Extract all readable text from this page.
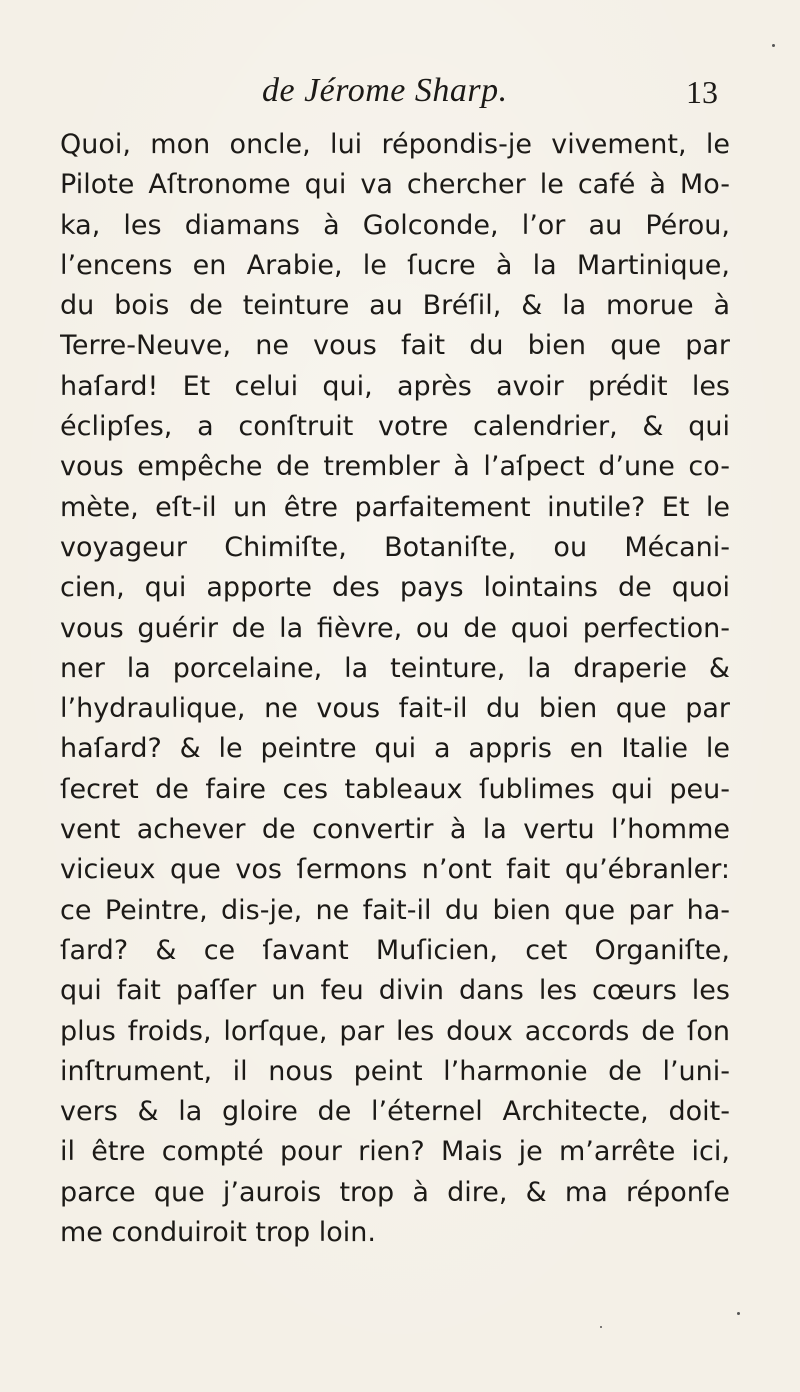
de Jérome Sharp.	13
Quoi, mon oncle, lui répondis-je vivement, le
Pilote Aſtronome qui va chercher le café à Mo-
ka, les diamans à Golconde, l’or au Pérou,
l’encens en Arabie, le ſucre à la Martinique,
du bois de teinture au Bréſil, & la morue à
Terre-Neuve, ne vous fait du bien que par
haſard! Et celui qui, après avoir prédit les
éclipſes, a conſtruit votre calendrier, & qui
vous empêche de trembler à l’aſpect d’une co-
mète, eſt-il un être parfaitement inutile? Et le
voyageur Chimiſte, Botaniſte, ou Mécani-
cien, qui apporte des pays lointains de quoi
vous guérir de la fièvre, ou de quoi perfection-
ner la porcelaine, la teinture, la draperie &
l’hydraulique, ne vous fait-il du bien que par
haſard? & le peintre qui a appris en Italie le
ſecret de faire ces tableaux ſublimes qui peu-
vent achever de convertir à la vertu l’homme
vicieux que vos ſermons n’ont fait qu’ébranler:
ce Peintre, dis-je, ne fait-il du bien que par ha-
ſard? & ce ſavant Muſicien, cet Organiſte,
qui fait paſſer un feu divin dans les cœurs les
plus froids, lorſque, par les doux accords de ſon
inſtrument, il nous peint l’harmonie de l’uni-
vers & la gloire de l’éternel Architecte, doit-
il être compté pour rien? Mais je m’arrête ici,
parce que j’aurois trop à dire, & ma réponſe
me conduiroit trop loin.
